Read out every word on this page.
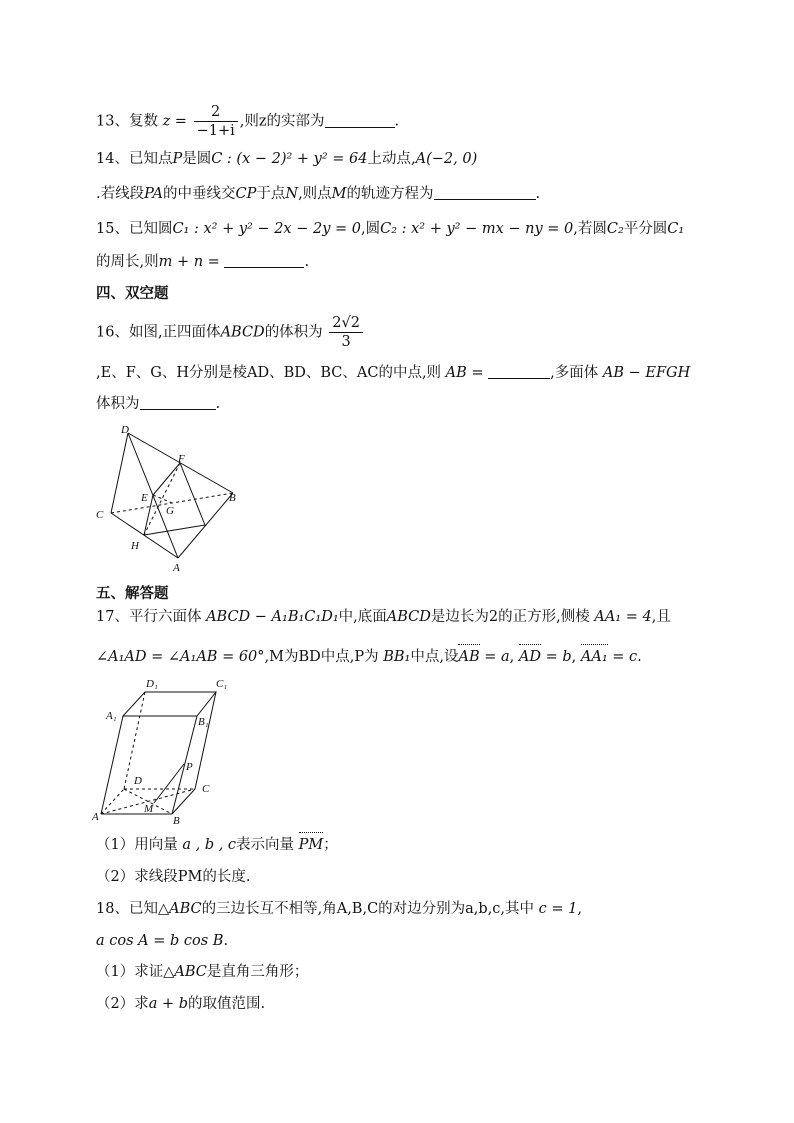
13、复数 $z = \frac{2}{-1+i}$ ,则z的实部为	.
14、已知点P是圆C : (x − 2)² + y² = 64上动点,A(−2, 0)
.若线段PA的中垂线交CP于点N,则点M的轨迹方程为	.
15、已知圆C₁ : x² + y² − 2x − 2y = 0,圆C₂ : x² + y² − mx − ny = 0,若圆C₂平分圆C₁
的周长,则m + n =	.
四、双空题
16、如图,正四面体ABCD的体积为 $\frac{2√2}{3}$
,E、F、G、H分别是棱AD、BD、BC、AC的中点,则 AB =	,多面体 AB − EFGH
体积为	.
D
F
E
G
B
C
H
A
五、解答题
17、平行六面体 ABCD − A₁B₁C₁D₁中,底面ABCD是边长为2的正方形,侧棱 AA₁ = 4,且
∠A₁AD = ∠A₁AB = 60°,M为BD中点,P为 BB₁中点,设AB = a, AD = b, AA₁ = c.
D₁	C₁
A₁	B₁
P
D
C
M
A	B
（1）用向量 a , b , c表示向量 PM；
（2）求线段PM的长度.
18、已知△ABC的三边长互不相等,角A,B,C的对边分别为a,b,c,其中 c = 1,
a cos A = b cos B.
（1）求证△ABC是直角三角形；
（2）求a + b的取值范围.
